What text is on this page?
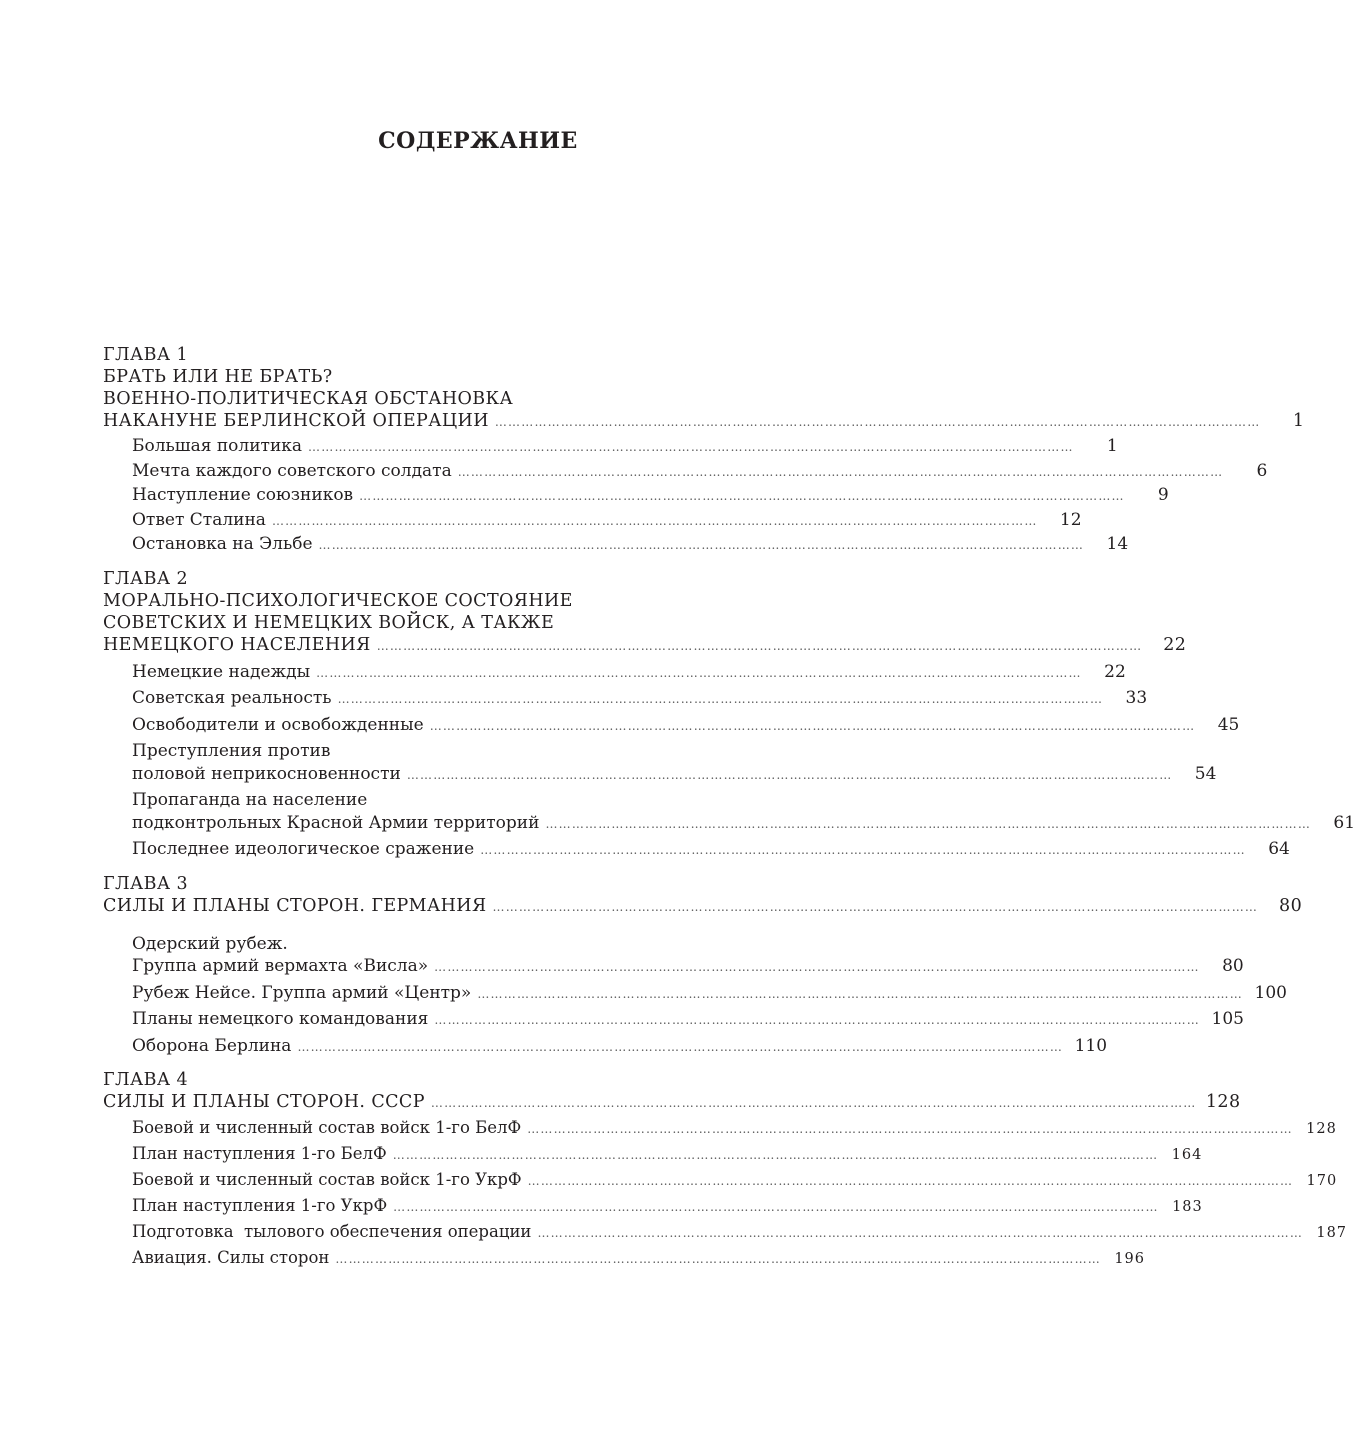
СОДЕРЖАНИЕ
ГЛАВА 1
БРАТЬ ИЛИ НЕ БРАТЬ?
ВОЕННО-ПОЛИТИЧЕСКАЯ ОБСТАНОВКА
НАКАНУНЕ БЕРЛИНСКОЙ ОПЕРАЦИИ …………………………………………………………………………………………………………………………………………………………	1
Большая политика …………………………………………………………………………………………………………………………………………………………	1
Мечта каждого советского солдата …………………………………………………………………………………………………………………………………………………………	6
Наступление союзников …………………………………………………………………………………………………………………………………………………………	9
Ответ Сталина …………………………………………………………………………………………………………………………………………………………	12
Остановка на Эльбе …………………………………………………………………………………………………………………………………………………………	14
ГЛАВА 2
МОРАЛЬНО-ПСИХОЛОГИЧЕСКОЕ СОСТОЯНИЕ
СОВЕТСКИХ И НЕМЕЦКИХ ВОЙСК, А ТАКЖЕ
НЕМЕЦКОГО НАСЕЛЕНИЯ …………………………………………………………………………………………………………………………………………………………	22
Немецкие надежды …………………………………………………………………………………………………………………………………………………………	22
Советская реальность …………………………………………………………………………………………………………………………………………………………	33
Освободители и освобожденные …………………………………………………………………………………………………………………………………………………………	45
Преступления против
половой неприкосновенности …………………………………………………………………………………………………………………………………………………………	54
Пропаганда на население
подконтрольных Красной Армии территорий …………………………………………………………………………………………………………………………………………………………	61
Последнее идеологическое сражение …………………………………………………………………………………………………………………………………………………………	64
ГЛАВА 3
СИЛЫ И ПЛАНЫ СТОРОН. ГЕРМАНИЯ …………………………………………………………………………………………………………………………………………………………	80
Одерский рубеж.
Группа армий вермахта «Висла» …………………………………………………………………………………………………………………………………………………………	80
Рубеж Нейсе. Группа армий «Центр» ………………………………………………………………………………………………………………………………………………………… 100
Планы немецкого командования ………………………………………………………………………………………………………………………………………………………… 105
Оборона Берлина ………………………………………………………………………………………………………………………………………………………… 110
ГЛАВА 4
СИЛЫ И ПЛАНЫ СТОРОН. СССР ………………………………………………………………………………………………………………………………………………………… 128
Боевой и численный состав войск 1-го БелФ ………………………………………………………………………………………………………………………………………………………… 128
План наступления 1-го БелФ ………………………………………………………………………………………………………………………………………………………… 164
Боевой и численный состав войск 1-го УкрФ ………………………………………………………………………………………………………………………………………………………… 170
План наступления 1-го УкрФ ………………………………………………………………………………………………………………………………………………………… 183
Подготовка  тылового обеспечения операции ………………………………………………………………………………………………………………………………………………………… 187
Авиация. Силы сторон ………………………………………………………………………………………………………………………………………………………… 196
